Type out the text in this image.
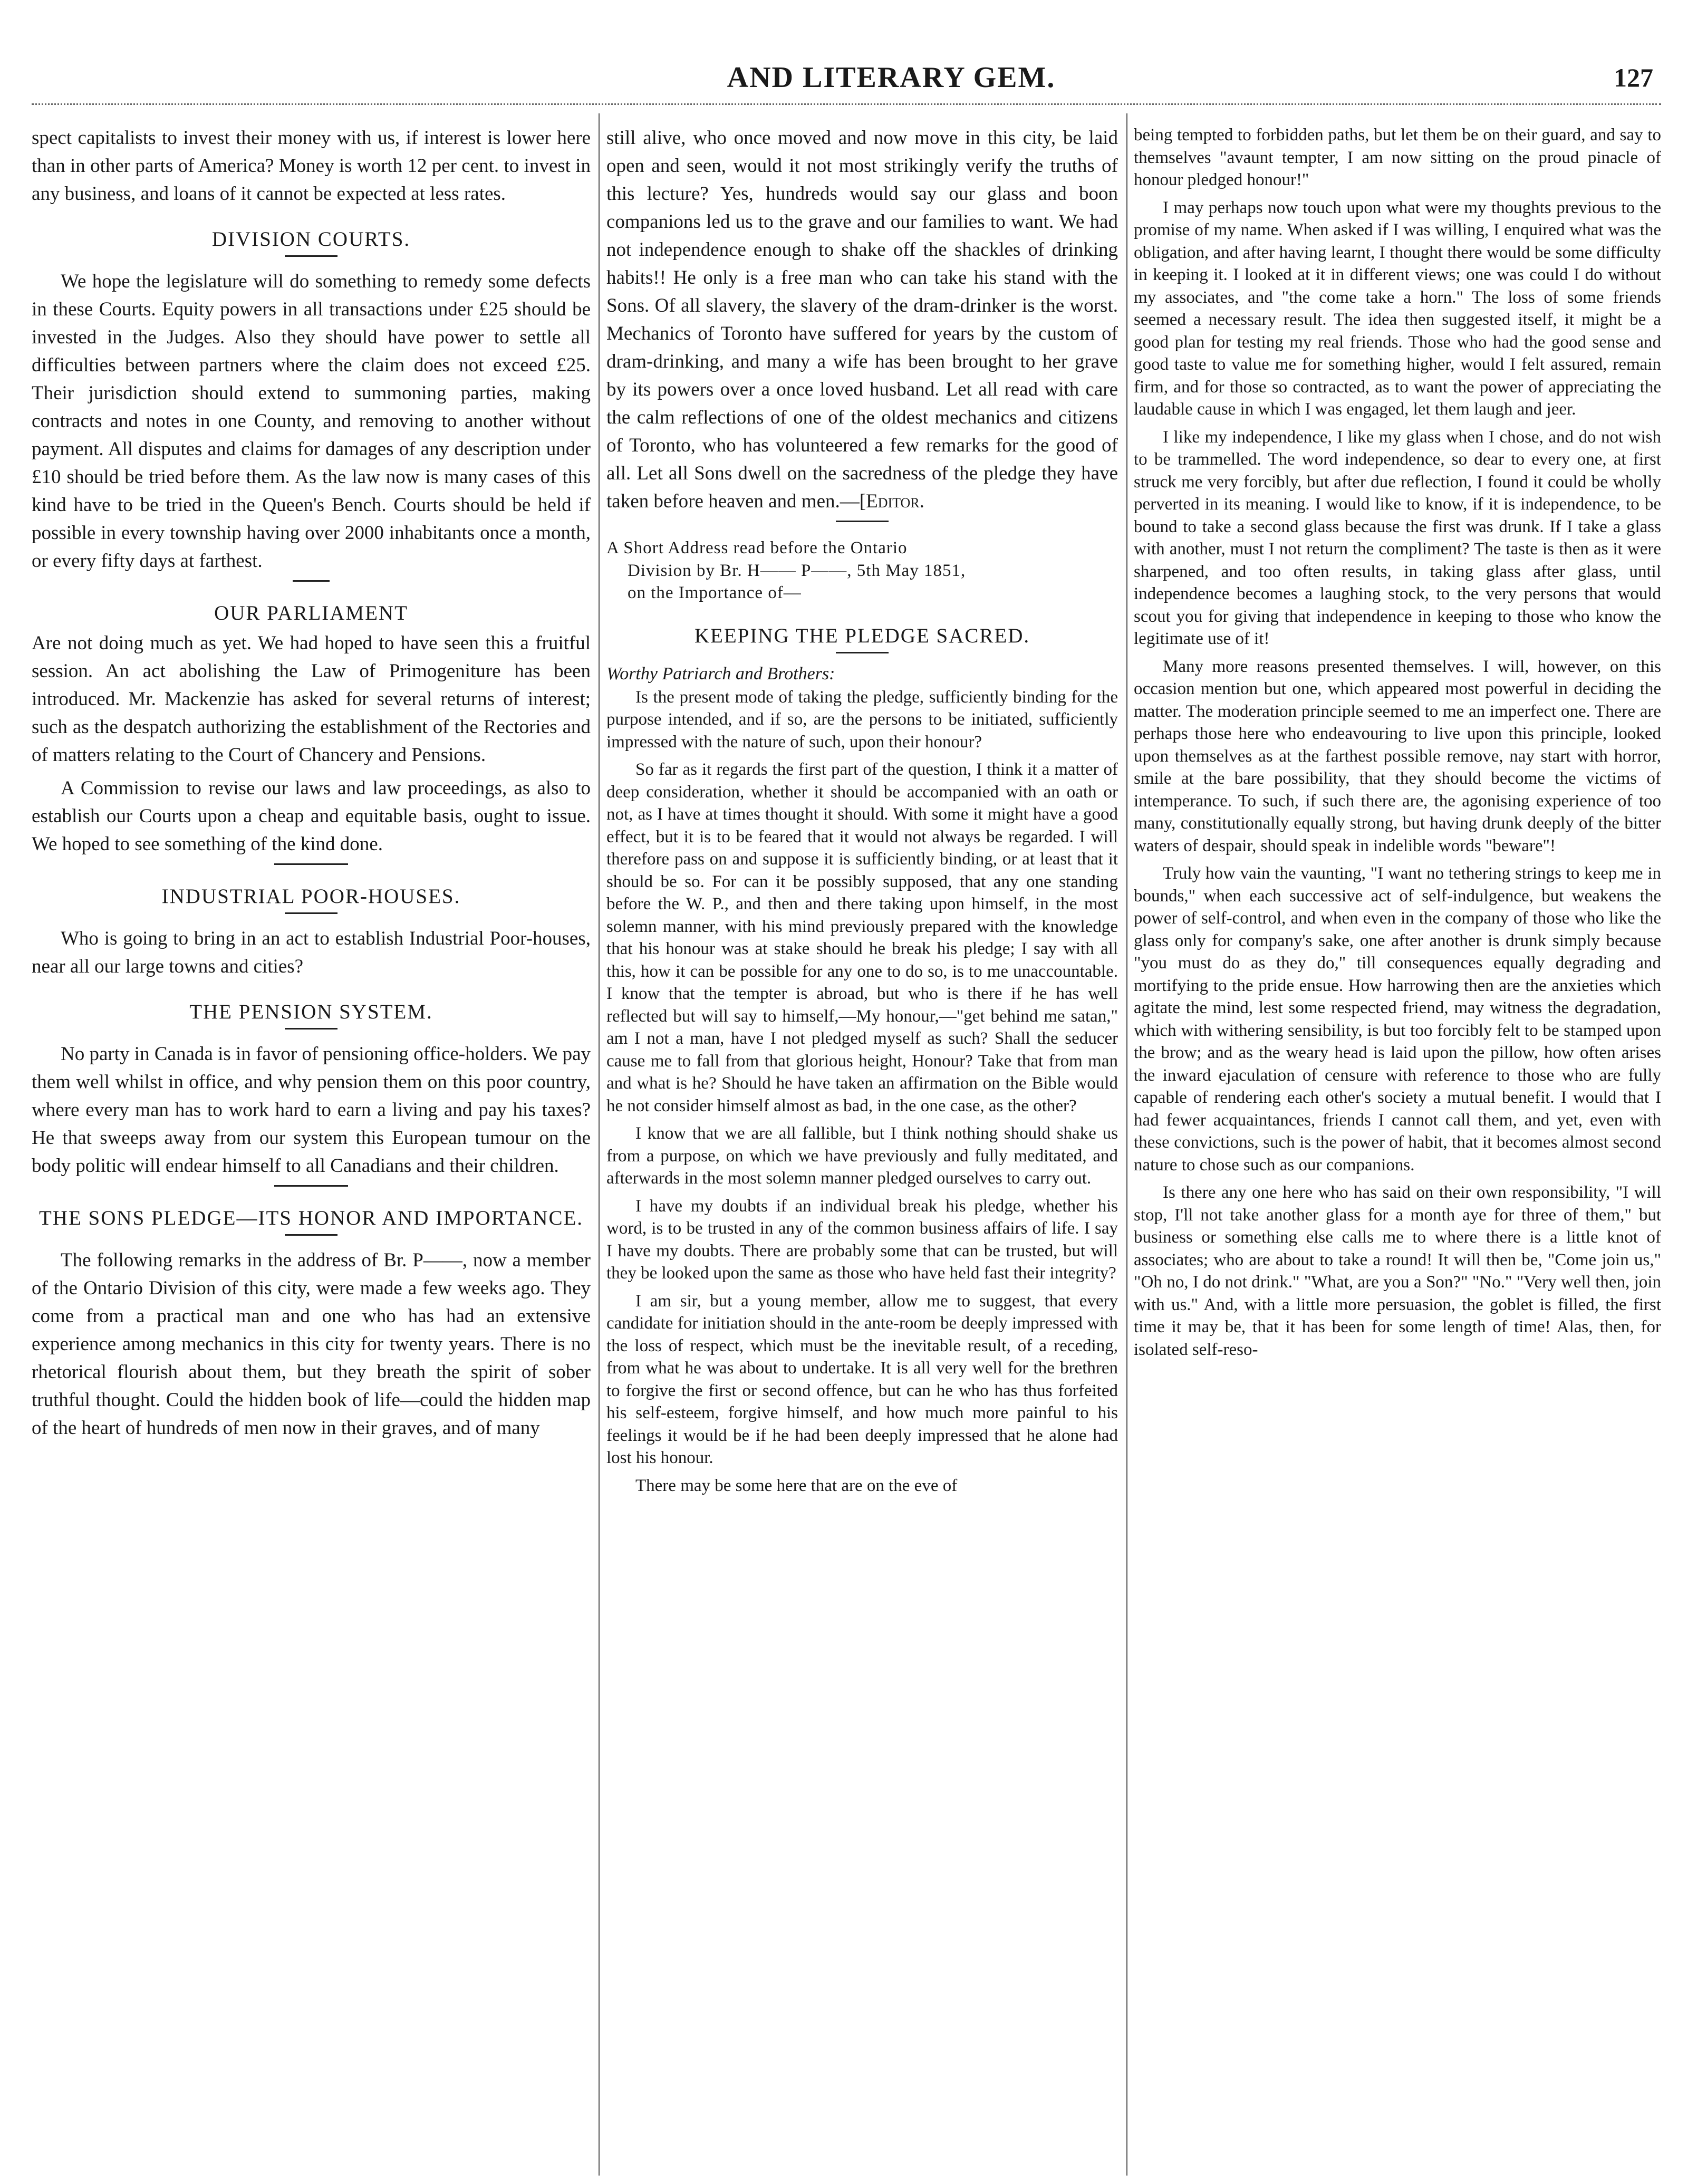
AND LITERARY GEM.	127

spect capitalists to invest their money with us, if interest is lower here than in other parts of America? Money is worth 12 per cent. to invest in any business, and loans of it cannot be expected at less rates.

DIVISION COURTS.

We hope the legislature will do something to remedy some defects in these Courts. Equity powers in all transactions under £25 should be invested in the Judges. Also they should have power to settle all difficulties between partners where the claim does not exceed £25. Their jurisdiction should extend to summoning parties, making contracts and notes in one County, and removing to another without payment. All disputes and claims for damages of any description under £10 should be tried before them. As the law now is many cases of this kind have to be tried in the Queen's Bench. Courts should be held if possible in every township having over 2000 inhabitants once a month, or every fifty days at farthest.

OUR PARLIAMENT

Are not doing much as yet. We had hoped to have seen this a fruitful session. An act abolishing the Law of Primogeniture has been introduced. Mr. Mackenzie has asked for several returns of interest; such as the despatch authorizing the establishment of the Rectories and of matters relating to the Court of Chancery and Pensions.

A Commission to revise our laws and law proceedings, as also to establish our Courts upon a cheap and equitable basis, ought to issue. We hoped to see something of the kind done.

INDUSTRIAL POOR-HOUSES.

Who is going to bring in an act to establish Industrial Poor-houses, near all our large towns and cities?

THE PENSION SYSTEM.

No party in Canada is in favor of pensioning office-holders. We pay them well whilst in office, and why pension them on this poor country, where every man has to work hard to earn a living and pay his taxes? He that sweeps away from our system this European tumour on the body politic will endear himself to all Canadians and their children.

THE SONS PLEDGE—ITS HONOR AND IMPORTANCE.

The following remarks in the address of Br. P——, now a member of the Ontario Division of this city, were made a few weeks ago. They come from a practical man and one who has had an extensive experience among mechanics in this city for twenty years. There is no rhetorical flourish about them, but they breath the spirit of sober truthful thought. Could the hidden book of life—could the hidden map of the heart of hundreds of men now in their graves, and of many

still alive, who once moved and now move in this city, be laid open and seen, would it not most strikingly verify the truths of this lecture? Yes, hundreds would say our glass and boon companions led us to the grave and our families to want. We had not independence enough to shake off the shackles of drinking habits!! He only is a free man who can take his stand with the Sons. Of all slavery, the slavery of the dram-drinker is the worst. Mechanics of Toronto have suffered for years by the custom of dram-drinking, and many a wife has been brought to her grave by its powers over a once loved husband. Let all read with care the calm reflections of one of the oldest mechanics and citizens of Toronto, who has volunteered a few remarks for the good of all. Let all Sons dwell on the sacredness of the pledge they have taken before heaven and men.—[Editor.

A Short Address read before the Ontario
Division by Br. H—— P——, 5th May 1851,
on the Importance of—

KEEPING THE PLEDGE SACRED.
Worthy Patriarch and Brothers:

Is the present mode of taking the pledge, sufficiently binding for the purpose intended, and if so, are the persons to be initiated, sufficiently impressed with the nature of such, upon their honour?

So far as it regards the first part of the question, I think it a matter of deep consideration, whether it should be accompanied with an oath or not, as I have at times thought it should. With some it might have a good effect, but it is to be feared that it would not always be regarded. I will therefore pass on and suppose it is sufficiently binding, or at least that it should be so. For can it be possibly supposed, that any one standing before the W. P., and then and there taking upon himself, in the most solemn manner, with his mind previously prepared with the knowledge that his honour was at stake should he break his pledge; I say with all this, how it can be possible for any one to do so, is to me unaccountable. I know that the tempter is abroad, but who is there if he has well reflected but will say to himself,—My honour,—"get behind me satan," am I not a man, have I not pledged myself as such? Shall the seducer cause me to fall from that glorious height, Honour? Take that from man and what is he? Should he have taken an affirmation on the Bible would he not consider himself almost as bad, in the one case, as the other?

I know that we are all fallible, but I think nothing should shake us from a purpose, on which we have previously and fully meditated, and afterwards in the most solemn manner pledged ourselves to carry out.

I have my doubts if an individual break his pledge, whether his word, is to be trusted in any of the common business affairs of life. I say I have my doubts. There are probably some that can be trusted, but will they be looked upon the same as those who have held fast their integrity?

I am sir, but a young member, allow me to suggest, that every candidate for initiation should in the ante-room be deeply impressed with the loss of respect, which must be the inevitable result, of a receding, from what he was about to undertake. It is all very well for the brethren to forgive the first or second offence, but can he who has thus forfeited his self-esteem, forgive himself, and how much more painful to his feelings it would be if he had been deeply impressed that he alone had lost his honour.

There may be some here that are on the eve of

being tempted to forbidden paths, but let them be on their guard, and say to themselves "avaunt tempter, I am now sitting on the proud pinacle of honour pledged honour!"

I may perhaps now touch upon what were my thoughts previous to the promise of my name. When asked if I was willing, I enquired what was the obligation, and after having learnt, I thought there would be some difficulty in keeping it. I looked at it in different views; one was could I do without my associates, and "the come take a horn." The loss of some friends seemed a necessary result. The idea then suggested itself, it might be a good plan for testing my real friends. Those who had the good sense and good taste to value me for something higher, would I felt assured, remain firm, and for those so contracted, as to want the power of appreciating the laudable cause in which I was engaged, let them laugh and jeer.

I like my independence, I like my glass when I chose, and do not wish to be trammelled. The word independence, so dear to every one, at first struck me very forcibly, but after due reflection, I found it could be wholly perverted in its meaning. I would like to know, if it is independence, to be bound to take a second glass because the first was drunk. If I take a glass with another, must I not return the compliment? The taste is then as it were sharpened, and too often results, in taking glass after glass, until independence becomes a laughing stock, to the very persons that would scout you for giving that independence in keeping to those who know the legitimate use of it!

Many more reasons presented themselves. I will, however, on this occasion mention but one, which appeared most powerful in deciding the matter. The moderation principle seemed to me an imperfect one. There are perhaps those here who endeavouring to live upon this principle, looked upon themselves as at the farthest possible remove, nay start with horror, smile at the bare possibility, that they should become the victims of intemperance. To such, if such there are, the agonising experience of too many, constitutionally equally strong, but having drunk deeply of the bitter waters of despair, should speak in indelible words "beware"!

Truly how vain the vaunting, "I want no tethering strings to keep me in bounds," when each successive act of self-indulgence, but weakens the power of self-control, and when even in the company of those who like the glass only for company's sake, one after another is drunk simply because "you must do as they do," till consequences equally degrading and mortifying to the pride ensue. How harrowing then are the anxieties which agitate the mind, lest some respected friend, may witness the degradation, which with withering sensibility, is but too forcibly felt to be stamped upon the brow; and as the weary head is laid upon the pillow, how often arises the inward ejaculation of censure with reference to those who are fully capable of rendering each other's society a mutual benefit. I would that I had fewer acquaintances, friends I cannot call them, and yet, even with these convictions, such is the power of habit, that it becomes almost second nature to chose such as our companions.

Is there any one here who has said on their own responsibility, "I will stop, I'll not take another glass for a month aye for three of them," but business or something else calls me to where there is a little knot of associates; who are about to take a round! It will then be, "Come join us," "Oh no, I do not drink." "What, are you a Son?" "No." "Very well then, join with us." And, with a little more persuasion, the goblet is filled, the first time it may be, that it has been for some length of time! Alas, then, for isolated self-reso-
